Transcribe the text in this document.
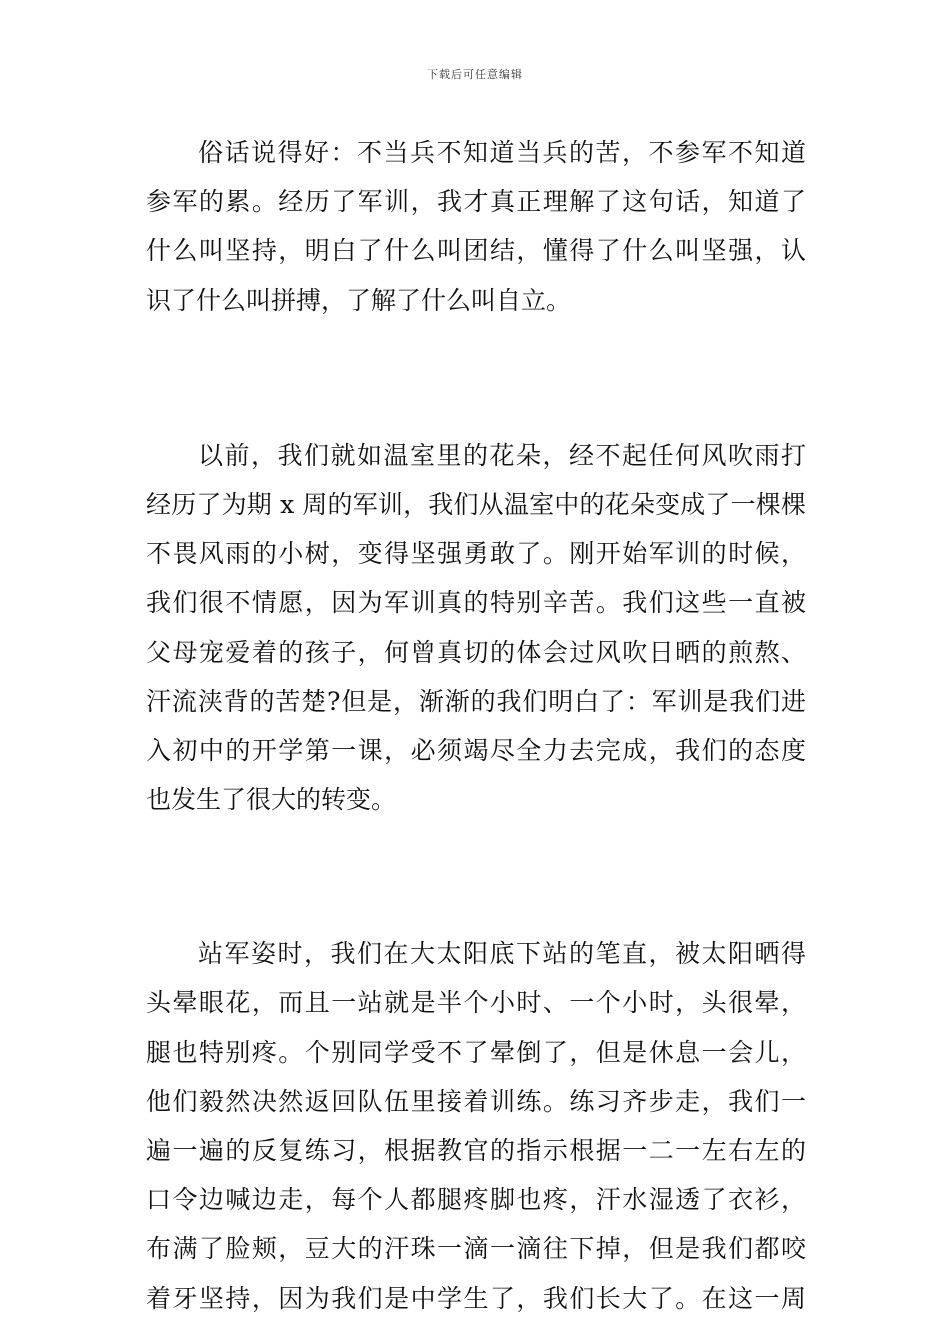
下载后可任意编辑
俗话说得好：不当兵不知道当兵的苦，不参军不知道
参军的累。经历了军训，我才真正理解了这句话，知道了
什么叫坚持，明白了什么叫团结，懂得了什么叫坚强，认
识了什么叫拼搏，了解了什么叫自立。
以前，我们就如温室里的花朵，经不起任何风吹雨打
经历了为期 x 周的军训，我们从温室中的花朵变成了一棵棵
不畏风雨的小树，变得坚强勇敢了。刚开始军训的时候，
我们很不情愿，因为军训真的特别辛苦。我们这些一直被
父母宠爱着的孩子，何曾真切的体会过风吹日晒的煎熬、
汗流浃背的苦楚?但是，渐渐的我们明白了：军训是我们进
入初中的开学第一课，必须竭尽全力去完成，我们的态度
也发生了很大的转变。
站军姿时，我们在大太阳底下站的笔直，被太阳晒得
头晕眼花，而且一站就是半个小时、一个小时，头很晕，
腿也特别疼。个别同学受不了晕倒了，但是休息一会儿，
他们毅然决然返回队伍里接着训练。练习齐步走，我们一
遍一遍的反复练习，根据教官的指示根据一二一左右左的
口令边喊边走，每个人都腿疼脚也疼，汗水湿透了衣衫，
布满了脸颊，豆大的汗珠一滴一滴往下掉，但是我们都咬
着牙坚持，因为我们是中学生了，我们长大了。在这一周
